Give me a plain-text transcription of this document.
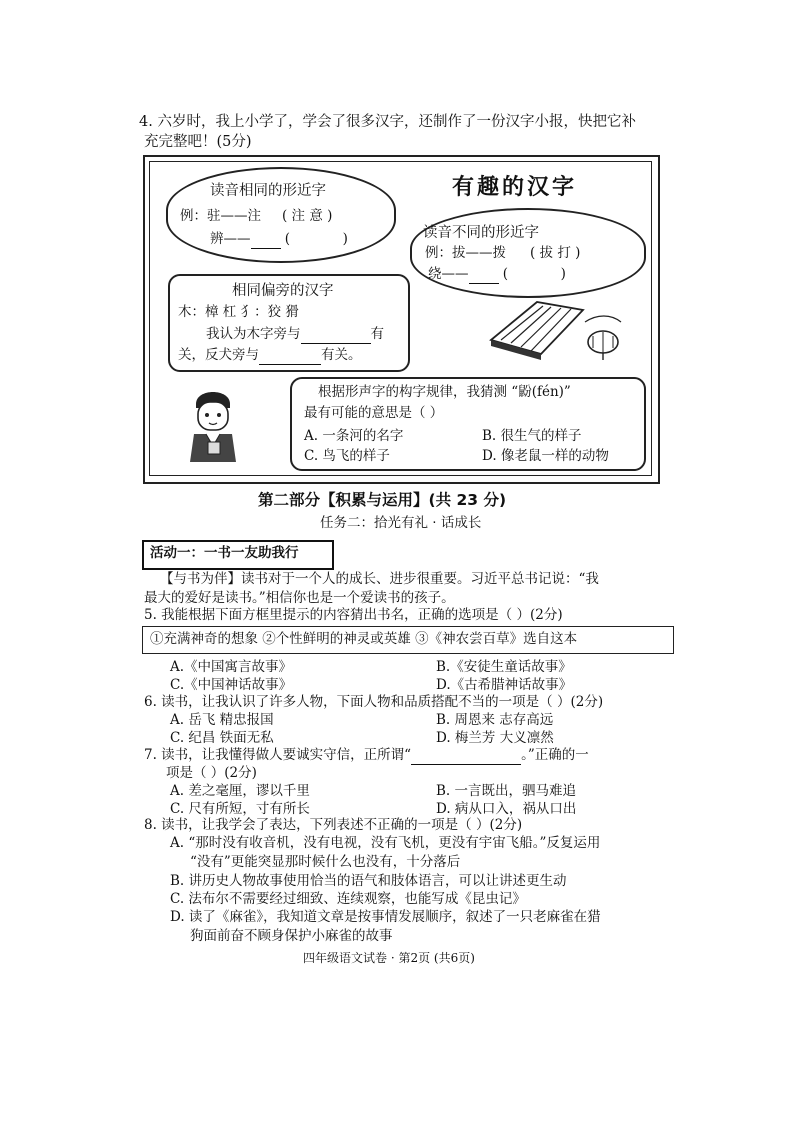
4. 六岁时，我上小学了，学会了很多汉字，还制作了一份汉字小报，快把它补
充完整吧！(5分)
有趣的汉字
读音相同的形近字
例：驻——注 ( 注 意 )
辨——	(	)	读音不同的形近字
例：拔——拨 ( 拔 打 )
绕——	(	)
相同偏旁的汉字
木：樟 杠 犭：狡 猾
我认为木字旁与	有
关，反犬旁与	有关。
根据形声字的构字规律，我猜测 “鼢(fén)”
最有可能的意思是（ ）
A. 一条河的名字	B. 很生气的样子
C. 鸟飞的样子	D. 像老鼠一样的动物
第二部分【积累与运用】(共 23 分)
任务二：拾光有礼 · 话成长
活动一：一书一友助我行
【与书为伴】读书对于一个人的成长、进步很重要。习近平总书记说：“我
最大的爱好是读书。”相信你也是一个爱读书的孩子。
5. 我能根据下面方框里提示的内容猜出书名，正确的选项是（ ）(2分)
①充满神奇的想象 ②个性鲜明的神灵或英雄 ③《神农尝百草》选自这本
A.《中国寓言故事》	B.《安徒生童话故事》
C.《中国神话故事》	D.《古希腊神话故事》
6. 读书，让我认识了许多人物，下面人物和品质搭配不当的一项是（ ）(2分)
A. 岳飞 精忠报国	B. 周恩来 志存高远
C. 纪昌 铁面无私	D. 梅兰芳 大义凛然
7. 读书，让我懂得做人要诚实守信，正所谓“	。”正确的一
项是（ ）(2分)
A. 差之毫厘，谬以千里	B. 一言既出，驷马难追
C. 尺有所短，寸有所长	D. 病从口入，祸从口出
8. 读书，让我学会了表达，下列表述不正确的一项是（ ）(2分)
A. “那时没有收音机，没有电视，没有飞机，更没有宇宙飞船。”反复运用
“没有”更能突显那时候什么也没有，十分落后
B. 讲历史人物故事使用恰当的语气和肢体语言，可以让讲述更生动
C. 法布尔不需要经过细致、连续观察，也能写成《昆虫记》
D. 读了《麻雀》，我知道文章是按事情发展顺序，叙述了一只老麻雀在猎
狗面前奋不顾身保护小麻雀的故事
四年级语文试卷 · 第2页 (共6页)
